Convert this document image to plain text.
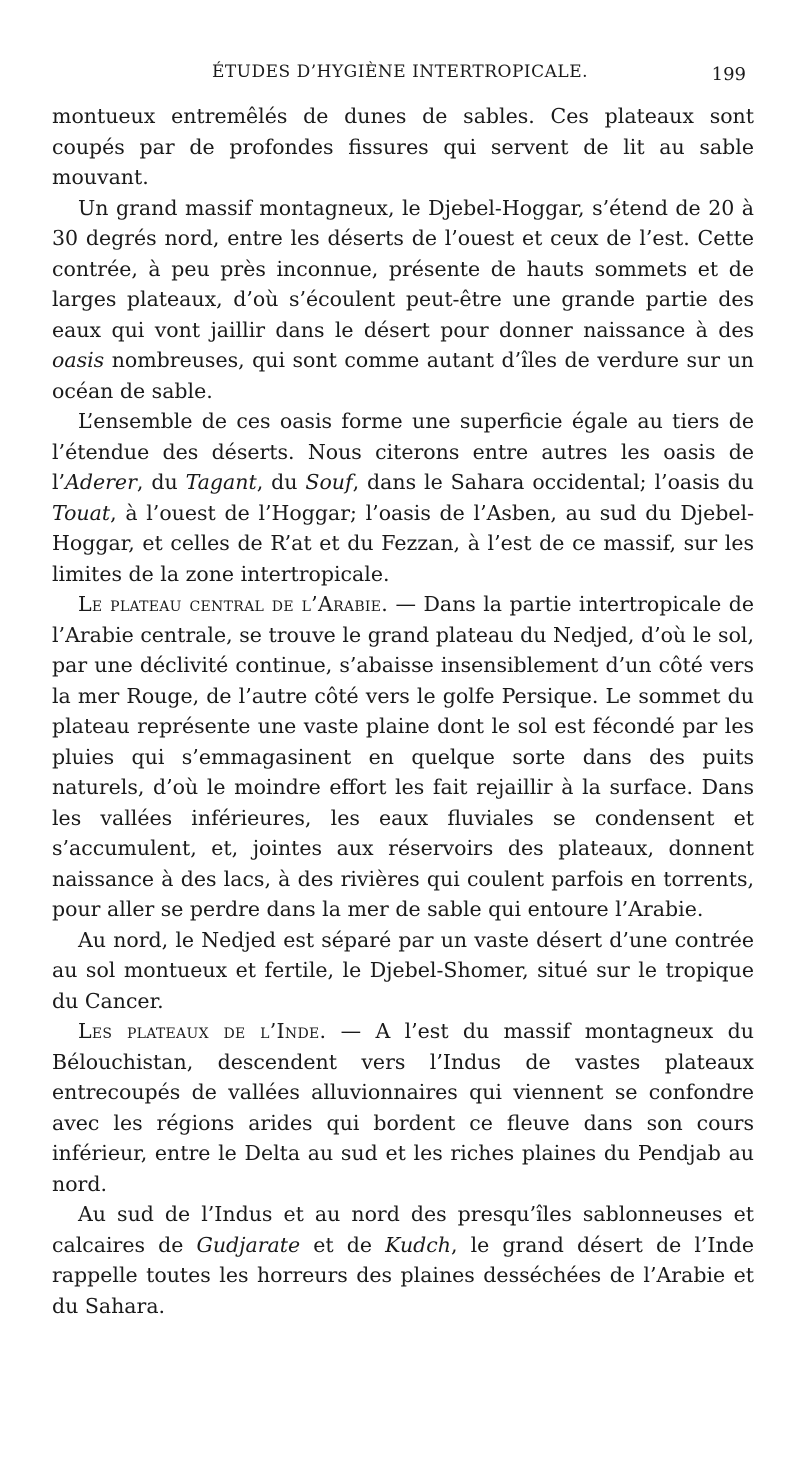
ÉTUDES D’HYGIÈNE INTERTROPICALE.	199

montueux entremêlés de dunes de sables. Ces plateaux sont coupés par de profondes fissures qui servent de lit au sable mouvant.

Un grand massif montagneux, le Djebel-Hoggar, s’étend de 20 à 30 degrés nord, entre les déserts de l’ouest et ceux de l’est. Cette contrée, à peu près inconnue, présente de hauts sommets et de larges plateaux, d’où s’écoulent peut-être une grande partie des eaux qui vont jaillir dans le désert pour donner naissance à des oasis nombreuses, qui sont comme autant d’îles de verdure sur un océan de sable.

L’ensemble de ces oasis forme une superficie égale au tiers de l’étendue des déserts. Nous citerons entre autres les oasis de l’Aderer, du Tagant, du Souf, dans le Sahara occidental; l’oasis du Touat, à l’ouest de l’Hoggar; l’oasis de l’Asben, au sud du Djebel-Hoggar, et celles de R’at et du Fezzan, à l’est de ce massif, sur les limites de la zone intertropicale.

Le plateau central de l’Arabie. — Dans la partie intertropicale de l’Arabie centrale, se trouve le grand plateau du Nedjed, d’où le sol, par une déclivité continue, s’abaisse insensiblement d’un côté vers la mer Rouge, de l’autre côté vers le golfe Persique. Le sommet du plateau représente une vaste plaine dont le sol est fécondé par les pluies qui s’emmagasinent en quelque sorte dans des puits naturels, d’où le moindre effort les fait rejaillir à la surface. Dans les vallées inférieures, les eaux fluviales se condensent et s’accumulent, et, jointes aux réservoirs des plateaux, donnent naissance à des lacs, à des rivières qui coulent parfois en torrents, pour aller se perdre dans la mer de sable qui entoure l’Arabie.

Au nord, le Nedjed est séparé par un vaste désert d’une contrée au sol montueux et fertile, le Djebel-Shomer, situé sur le tropique du Cancer.

Les plateaux de l’Inde. — A l’est du massif montagneux du Bélouchistan, descendent vers l’Indus de vastes plateaux entrecoupés de vallées alluvionnaires qui viennent se confondre avec les régions arides qui bordent ce fleuve dans son cours inférieur, entre le Delta au sud et les riches plaines du Pendjab au nord.

Au sud de l’Indus et au nord des presqu’îles sablonneuses et calcaires de Gudjarate et de Kudch, le grand désert de l’Inde rappelle toutes les horreurs des plaines desséchées de l’Arabie et du Sahara.
